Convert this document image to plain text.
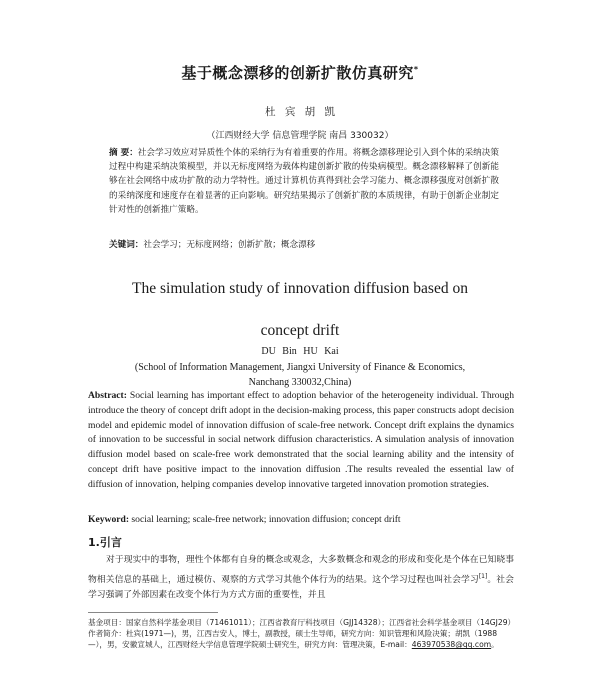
基于概念漂移的创新扩散仿真研究*
杜 宾 胡 凯
（江西财经大学 信息管理学院 南昌 330032）
摘 要：社会学习效应对异质性个体的采纳行为有着重要的作用。将概念漂移理论引入到个体的采纳决策过程中构建采纳决策模型，并以无标度网络为载体构建创新扩散的传染病模型。概念漂移解释了创新能够在社会网络中成功扩散的动力学特性。通过计算机仿真得到社会学习能力、概念漂移强度对创新扩散的采纳深度和速度存在着显著的正向影响。研究结果揭示了创新扩散的本质规律，有助于创新企业制定针对性的创新推广策略。
关键词：社会学习；无标度网络；创新扩散；概念漂移
The simulation study of innovation diffusion based on
concept drift
DU Bin HU Kai
(School of Information Management, Jiangxi University of Finance & Economics,
Nanchang 330032,China)
Abstract: Social learning has important effect to adoption behavior of the heterogeneity individual. Through introduce the theory of concept drift adopt in the decision-making process, this paper constructs adopt decision model and epidemic model of innovation diffusion of scale-free network. Concept drift explains the dynamics of innovation to be successful in social network diffusion characteristics. A simulation analysis of innovation diffusion model based on scale-free work demonstrated that the social learning ability and the intensity of concept drift have positive impact to the innovation diffusion .The results revealed the essential law of diffusion of innovation, helping companies develop innovative targeted innovation promotion strategies.
Keyword: social learning; scale-free network; innovation diffusion; concept drift
1.引言
对于现实中的事物，理性个体都有自身的概念或观念，大多数概念和观念的形成和变化是个体在已知晓事物相关信息的基础上，通过模仿、观察的方式学习其他个体行为的结果。这个学习过程也叫社会学习[1]。社会学习强调了外部因素在改变个体行为方式方面的重要性，并且
基金项目：国家自然科学基金项目（71461011）；江西省教育厅科技项目（GJJ14328）；江西省社会科学基金项目（14GJ29）
作者简介：杜宾(1971—)，男，江西吉安人，博士，副教授，硕士生导师，研究方向：知识管理和风险决策；胡凯（1988—），男，安徽宣城人，江西财经大学信息管理学院硕士研究生，研究方向：管理决策，E-mail：463970538@qq.com。
